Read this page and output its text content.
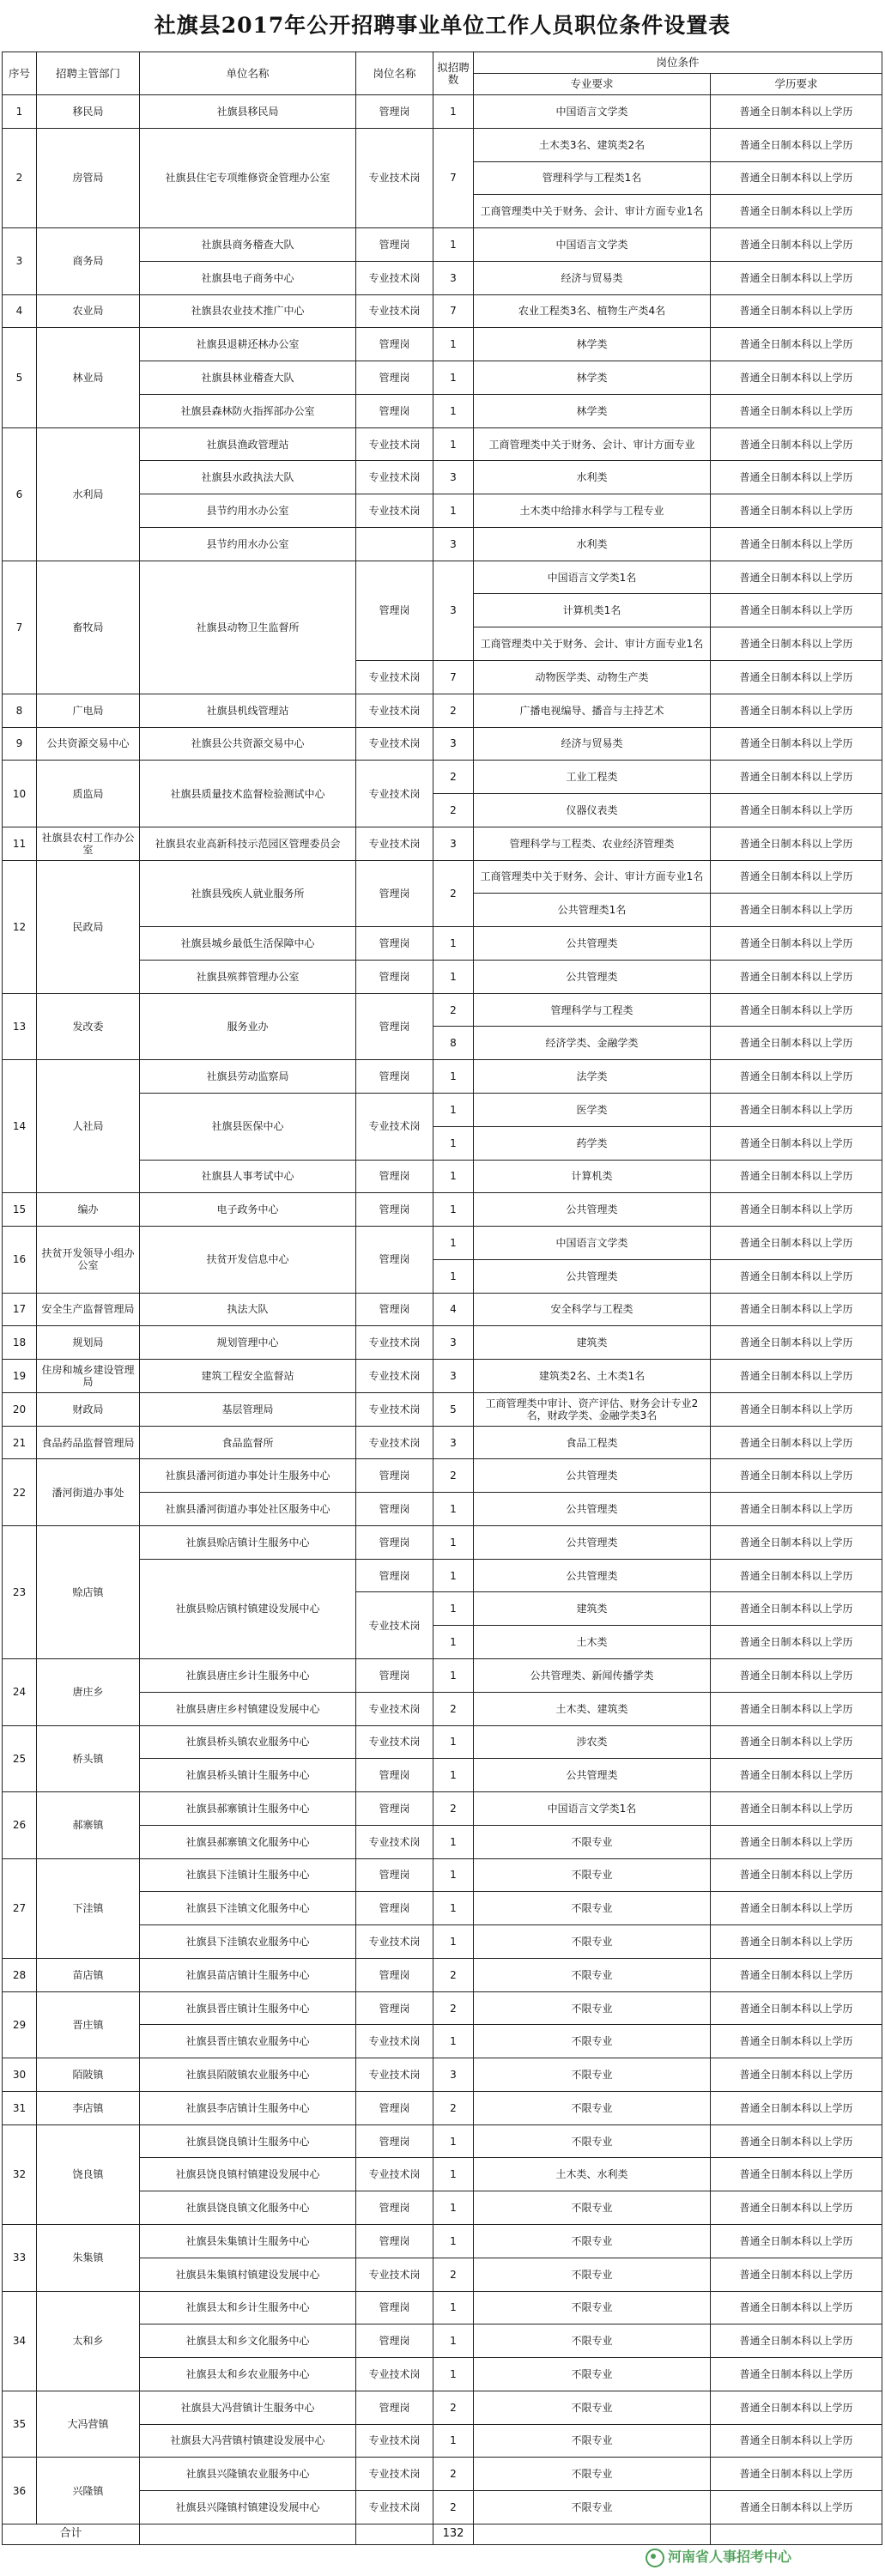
社旗县2017年公开招聘事业单位工作人员职位条件设置表
序号	招聘主管部门	单位名称	岗位名称	拟招聘数	岗位条件	
					专业要求	学历要求
1	移民局	社旗县移民局	管理岗	1	中国语言文学类	普通全日制本科以上学历
2	房管局	社旗县住宅专项维修资金管理办公室	专业技术岗	7	土木类3名、建筑类2名	普通全日制本科以上学历
					管理科学与工程类1名	普通全日制本科以上学历
					工商管理类中关于财务、会计、审计方面专业1名	普通全日制本科以上学历
3	商务局	社旗县商务稽查大队	管理岗	1	中国语言文学类	普通全日制本科以上学历
		社旗县电子商务中心	专业技术岗	3	经济与贸易类	普通全日制本科以上学历
4	农业局	社旗县农业技术推广中心	专业技术岗	7	农业工程类3名、植物生产类4名	普通全日制本科以上学历
5	林业局	社旗县退耕还林办公室	管理岗	1	林学类	普通全日制本科以上学历
		社旗县林业稽查大队	管理岗	1	林学类	普通全日制本科以上学历
		社旗县森林防火指挥部办公室	管理岗	1	林学类	普通全日制本科以上学历
6	水利局	社旗县渔政管理站	专业技术岗	1	工商管理类中关于财务、会计、审计方面专业	普通全日制本科以上学历
		社旗县水政执法大队	专业技术岗	3	水利类	普通全日制本科以上学历
		县节约用水办公室	专业技术岗	1	土木类中给排水科学与工程专业	普通全日制本科以上学历
		县节约用水办公室		3	水利类	普通全日制本科以上学历
7	畜牧局	社旗县动物卫生监督所	管理岗	3	中国语言文学类1名	普通全日制本科以上学历
					计算机类1名	普通全日制本科以上学历
					工商管理类中关于财务、会计、审计方面专业1名	普通全日制本科以上学历
			专业技术岗	7	动物医学类、动物生产类	普通全日制本科以上学历
8	广电局	社旗县机线管理站	专业技术岗	2	广播电视编导、播音与主持艺术	普通全日制本科以上学历
9	公共资源交易中心	社旗县公共资源交易中心	专业技术岗	3	经济与贸易类	普通全日制本科以上学历
10	质监局	社旗县质量技术监督检验测试中心	专业技术岗	2	工业工程类	普通全日制本科以上学历
				2	仪器仪表类	普通全日制本科以上学历
11	社旗县农村工作办公室	社旗县农业高新科技示范园区管理委员会	专业技术岗	3	管理科学与工程类、农业经济管理类	普通全日制本科以上学历
12	民政局	社旗县残疾人就业服务所	管理岗	2	工商管理类中关于财务、会计、审计方面专业1名	普通全日制本科以上学历
					公共管理类1名	普通全日制本科以上学历
		社旗县城乡最低生活保障中心	管理岗	1	公共管理类	普通全日制本科以上学历
		社旗县殡葬管理办公室	管理岗	1	公共管理类	普通全日制本科以上学历
13	发改委	服务业办	管理岗	2	管理科学与工程类	普通全日制本科以上学历
				8	经济学类、金融学类	普通全日制本科以上学历
14	人社局	社旗县劳动监察局	管理岗	1	法学类	普通全日制本科以上学历
		社旗县医保中心	专业技术岗	1	医学类	普通全日制本科以上学历
				1	药学类	普通全日制本科以上学历
		社旗县人事考试中心	管理岗	1	计算机类	普通全日制本科以上学历
15	编办	电子政务中心	管理岗	1	公共管理类	普通全日制本科以上学历
16	扶贫开发领导小组办公室	扶贫开发信息中心	管理岗	1	中国语言文学类	普通全日制本科以上学历
				1	公共管理类	普通全日制本科以上学历
17	安全生产监督管理局	执法大队	管理岗	4	安全科学与工程类	普通全日制本科以上学历
18	规划局	规划管理中心	专业技术岗	3	建筑类	普通全日制本科以上学历
19	住房和城乡建设管理局	建筑工程安全监督站	专业技术岗	3	建筑类2名、土木类1名	普通全日制本科以上学历
20	财政局	基层管理局	专业技术岗	5	工商管理类中审计、资产评估、财务会计专业2名，财政学类、金融学类3名	普通全日制本科以上学历
21	食品药品监督管理局	食品监督所	专业技术岗	3	食品工程类	普通全日制本科以上学历
22	潘河街道办事处	社旗县潘河街道办事处计生服务中心	管理岗	2	公共管理类	普通全日制本科以上学历
		社旗县潘河街道办事处社区服务中心	管理岗	1	公共管理类	普通全日制本科以上学历
23	赊店镇	社旗县赊店镇计生服务中心	管理岗	1	公共管理类	普通全日制本科以上学历
		社旗县赊店镇村镇建设发展中心	管理岗	1	公共管理类	普通全日制本科以上学历
			专业技术岗	1	建筑类	普通全日制本科以上学历
				1	土木类	普通全日制本科以上学历
24	唐庄乡	社旗县唐庄乡计生服务中心	管理岗	1	公共管理类、新闻传播学类	普通全日制本科以上学历
		社旗县唐庄乡村镇建设发展中心	专业技术岗	2	土木类、建筑类	普通全日制本科以上学历
25	桥头镇	社旗县桥头镇农业服务中心	专业技术岗	1	涉农类	普通全日制本科以上学历
		社旗县桥头镇计生服务中心	管理岗	1	公共管理类	普通全日制本科以上学历
26	郝寨镇	社旗县郝寨镇计生服务中心	管理岗	2	中国语言文学类1名	普通全日制本科以上学历
		社旗县郝寨镇文化服务中心	专业技术岗	1	不限专业	普通全日制本科以上学历
27	下洼镇	社旗县下洼镇计生服务中心	管理岗	1	不限专业	普通全日制本科以上学历
		社旗县下洼镇文化服务中心	管理岗	1	不限专业	普通全日制本科以上学历
		社旗县下洼镇农业服务中心	专业技术岗	1	不限专业	普通全日制本科以上学历
28	苗店镇	社旗县苗店镇计生服务中心	管理岗	2	不限专业	普通全日制本科以上学历
29	晋庄镇	社旗县晋庄镇计生服务中心	管理岗	2	不限专业	普通全日制本科以上学历
		社旗县晋庄镇农业服务中心	专业技术岗	1	不限专业	普通全日制本科以上学历
30	陌陂镇	社旗县陌陂镇农业服务中心	专业技术岗	3	不限专业	普通全日制本科以上学历
31	李店镇	社旗县李店镇计生服务中心	管理岗	2	不限专业	普通全日制本科以上学历
32	饶良镇	社旗县饶良镇计生服务中心	管理岗	1	不限专业	普通全日制本科以上学历
		社旗县饶良镇村镇建设发展中心	专业技术岗	1	土木类、水利类	普通全日制本科以上学历
		社旗县饶良镇文化服务中心	管理岗	1	不限专业	普通全日制本科以上学历
33	朱集镇	社旗县朱集镇计生服务中心	管理岗	1	不限专业	普通全日制本科以上学历
		社旗县朱集镇村镇建设发展中心	专业技术岗	2	不限专业	普通全日制本科以上学历
34	太和乡	社旗县太和乡计生服务中心	管理岗	1	不限专业	普通全日制本科以上学历
		社旗县太和乡文化服务中心	管理岗	1	不限专业	普通全日制本科以上学历
		社旗县太和乡农业服务中心	专业技术岗	1	不限专业	普通全日制本科以上学历
35	大冯营镇	社旗县大冯营镇计生服务中心	管理岗	2	不限专业	普通全日制本科以上学历
		社旗县大冯营镇村镇建设发展中心	专业技术岗	1	不限专业	普通全日制本科以上学历
36	兴隆镇	社旗县兴隆镇农业服务中心	专业技术岗	2	不限专业	普通全日制本科以上学历
		社旗县兴隆镇村镇建设发展中心	专业技术岗	2	不限专业	普通全日制本科以上学历
合计				132		
河南省人事招考中心
